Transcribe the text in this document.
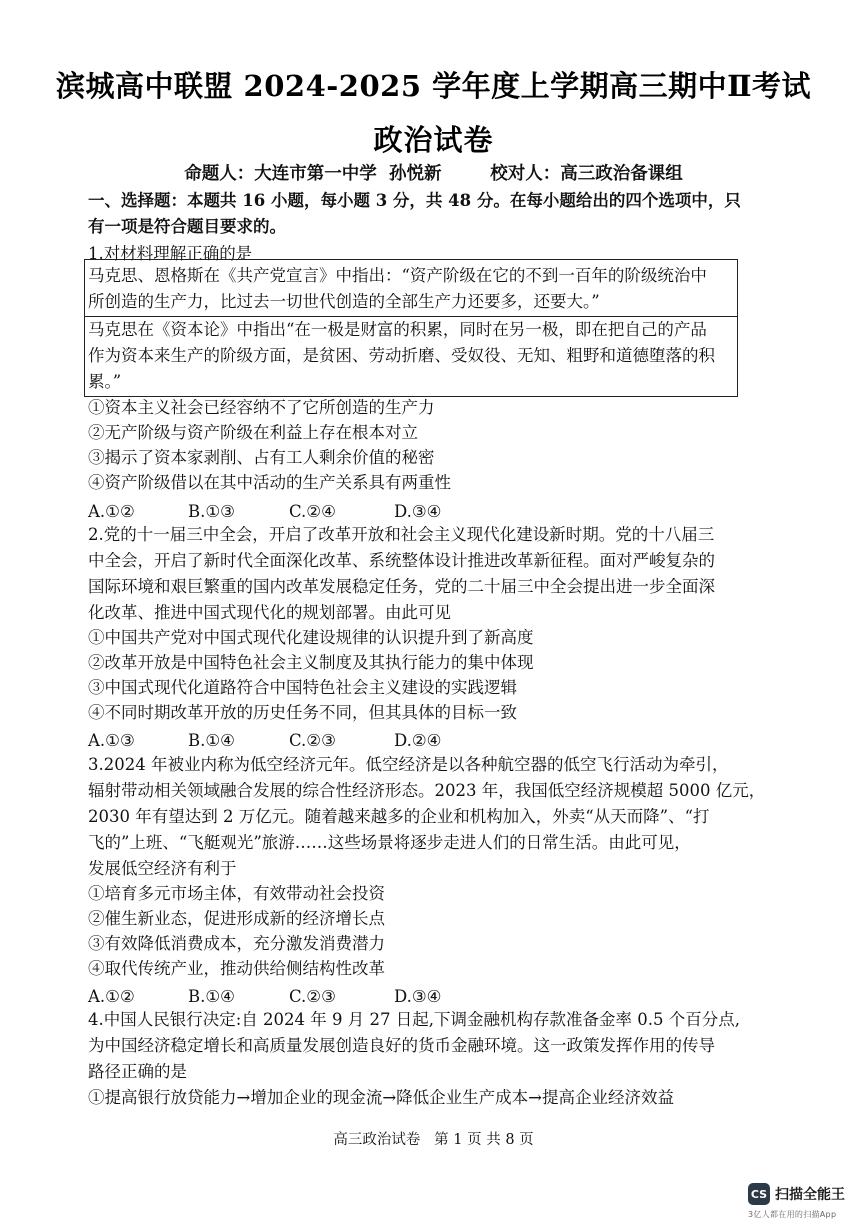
滨城高中联盟 2024-2025 学年度上学期高三期中Ⅱ考试
政治试卷
命题人：大连市第一中学  孙悦新        校对人：高三政治备课组
一、选择题：本题共 16 小题，每小题 3 分，共 48 分。在每小题给出的四个选项中，只
有一项是符合题目要求的。
1.对材料理解正确的是
马克思、恩格斯在《共产党宣言》中指出：“资产阶级在它的不到一百年的阶级统治中
所创造的生产力，比过去一切世代创造的全部生产力还要多，还要大。”
马克思在《资本论》中指出“在一极是财富的积累，同时在另一极，即在把自己的产品
作为资本来生产的阶级方面，是贫困、劳动折磨、受奴役、无知、粗野和道德堕落的积
累。”
①资本主义社会已经容纳不了它所创造的生产力
②无产阶级与资产阶级在利益上存在根本对立
③揭示了资本家剥削、占有工人剩余价值的秘密
④资产阶级借以在其中活动的生产关系具有两重性
A.①②	B.①③	C.②④	D.③④
2.党的十一届三中全会，开启了改革开放和社会主义现代化建设新时期。党的十八届三
中全会，开启了新时代全面深化改革、系统整体设计推进改革新征程。面对严峻复杂的
国际环境和艰巨繁重的国内改革发展稳定任务，党的二十届三中全会提出进一步全面深
化改革、推进中国式现代化的规划部署。由此可见
①中国共产党对中国式现代化建设规律的认识提升到了新高度
②改革开放是中国特色社会主义制度及其执行能力的集中体现
③中国式现代化道路符合中国特色社会主义建设的实践逻辑
④不同时期改革开放的历史任务不同，但其具体的目标一致
A.①③	B.①④	C.②③	D.②④
3.2024 年被业内称为低空经济元年。低空经济是以各种航空器的低空飞行活动为牵引，
辐射带动相关领域融合发展的综合性经济形态。2023 年，我国低空经济规模超 5000 亿元，
2030 年有望达到 2 万亿元。随着越来越多的企业和机构加入，外卖“从天而降”、“打
飞的”上班、“飞艇观光”旅游……这些场景将逐步走进人们的日常生活。由此可见，
发展低空经济有利于
①培育多元市场主体，有效带动社会投资
②催生新业态，促进形成新的经济增长点
③有效降低消费成本，充分激发消费潜力
④取代传统产业，推动供给侧结构性改革
A.①②	B.①④	C.②③	D.③④
4.中国人民银行决定:自 2024 年 9 月 27 日起,下调金融机构存款准备金率 0.5 个百分点,
为中国经济稳定增长和高质量发展创造良好的货币金融环境。这一政策发挥作用的传导
路径正确的是
①提高银行放贷能力→增加企业的现金流→降低企业生产成本→提高企业经济效益
高三政治试卷   第 1 页 共 8 页
CS 扫描全能王
3亿人都在用的扫描App
